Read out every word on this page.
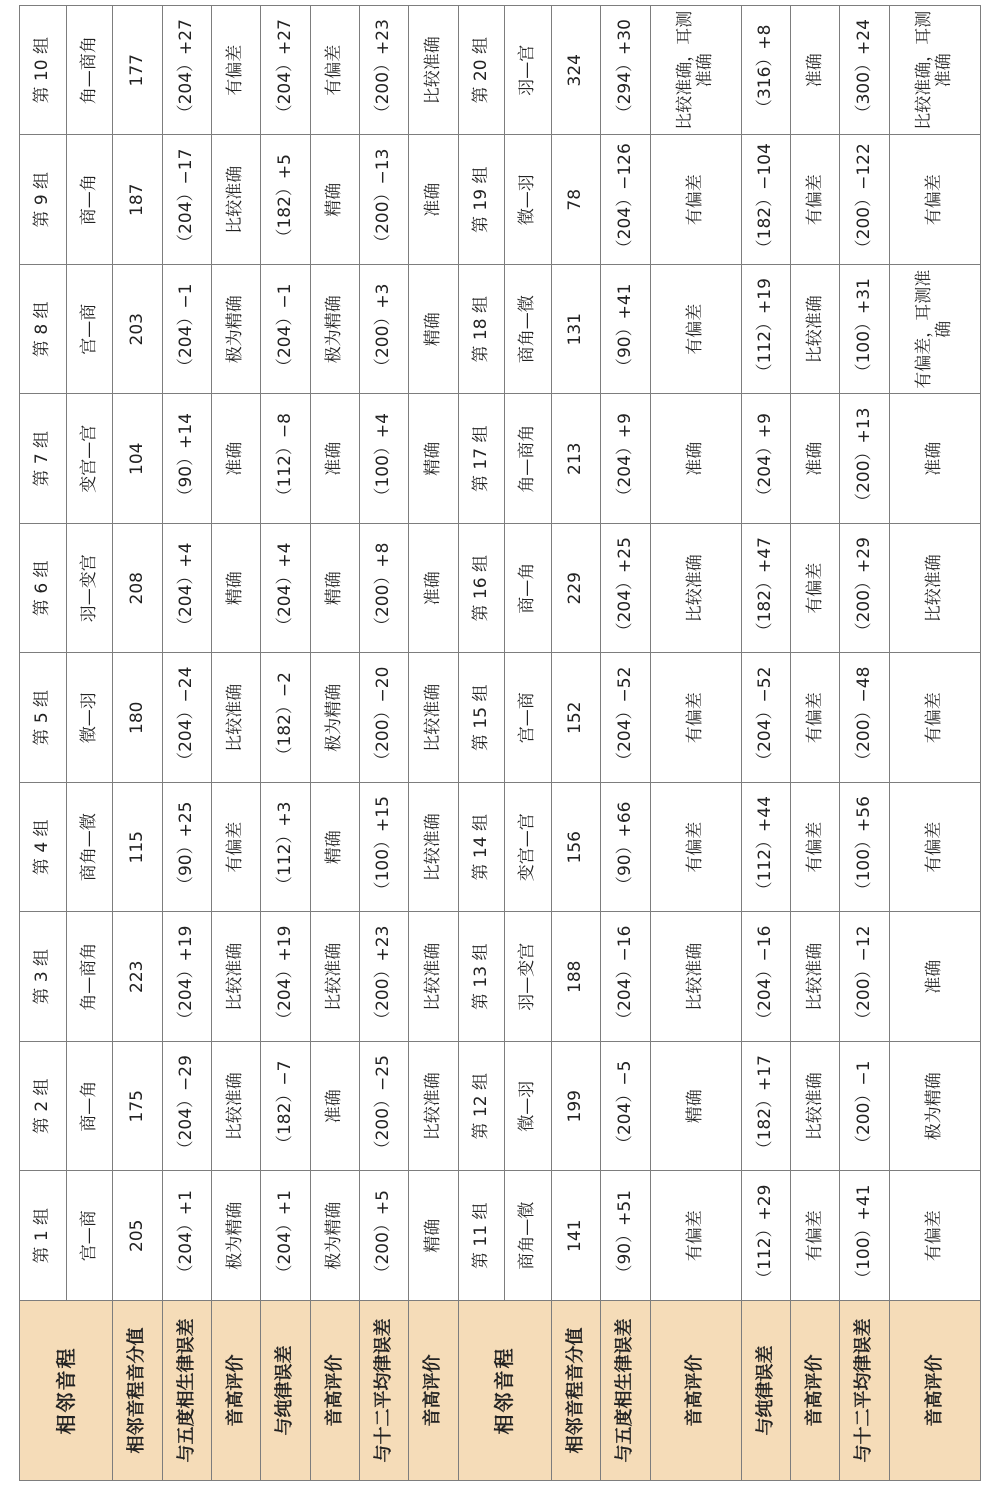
相邻音程	第 1 组	第 2 组	第 3 组	第 4 组	第 5 组	第 6 组	第 7 组	第 8 组	第 9 组	第 10 组
	宫—商	商—角	角—商角	商角—徵	徵—羽	羽—变宫	变宫—宫	宫—商	商—角	角—商角
相邻音程音分值	205	175	223	115	180	208	104	203	187	177
与五度相生律误差	（204）+1	（204）−29	（204）+19	（90）+25	（204）−24	（204）+4	（90）+14	（204）−1	（204）−17	（204）+27
音高评价	极为精确	比较准确	比较准确	有偏差	比较准确	精确	准确	极为精确	比较准确	有偏差
与纯律误差	（204）+1	（182）−7	（204）+19	（112）+3	（182）−2	（204）+4	（112）−8	（204）−1	（182）+5	（204）+27
音高评价	极为精确	准确	比较准确	精确	极为精确	精确	准确	极为精确	精确	有偏差
与十二平均律误差	（200）+5	（200）−25	（200）+23	（100）+15	（200）−20	（200）+8	（100）+4	（200）+3	（200）−13	（200）+23
音高评价	精确	比较准确	比较准确	比较准确	比较准确	准确	精确	精确	准确	比较准确
相邻音程	第 11 组	第 12 组	第 13 组	第 14 组	第 15 组	第 16 组	第 17 组	第 18 组	第 19 组	第 20 组
	商角—徵	徵—羽	羽—变宫	变宫—宫	宫—商	商—角	角—商角	商角—徵	徵—羽	羽—宫
相邻音程音分值	141	199	188	156	152	229	213	131	78	324
与五度相生律误差	（90）+51	（204）−5	（204）−16	（90）+66	（204）−52	（204）+25	（204）+9	（90）+41	（204）−126	（294）+30
音高评价	有偏差	精确	比较准确	有偏差	有偏差	比较准确	准确	有偏差	有偏差	比较准确，耳测准确
与纯律误差	（112）+29	（182）+17	（204）−16	（112）+44	（204）−52	（182）+47	（204）+9	（112）+19	（182）−104	（316）+8
音高评价	有偏差	比较准确	比较准确	有偏差	有偏差	有偏差	准确	比较准确	有偏差	准确
与十二平均律误差	（100）+41	（200）−1	（200）−12	（100）+56	（200）−48	（200）+29	（200）+13	（100）+31	（200）−122	（300）+24
音高评价	有偏差	极为精确	准确	有偏差	有偏差	比较准确	准确	有偏差，耳测准确	有偏差	比较准确，耳测准确
